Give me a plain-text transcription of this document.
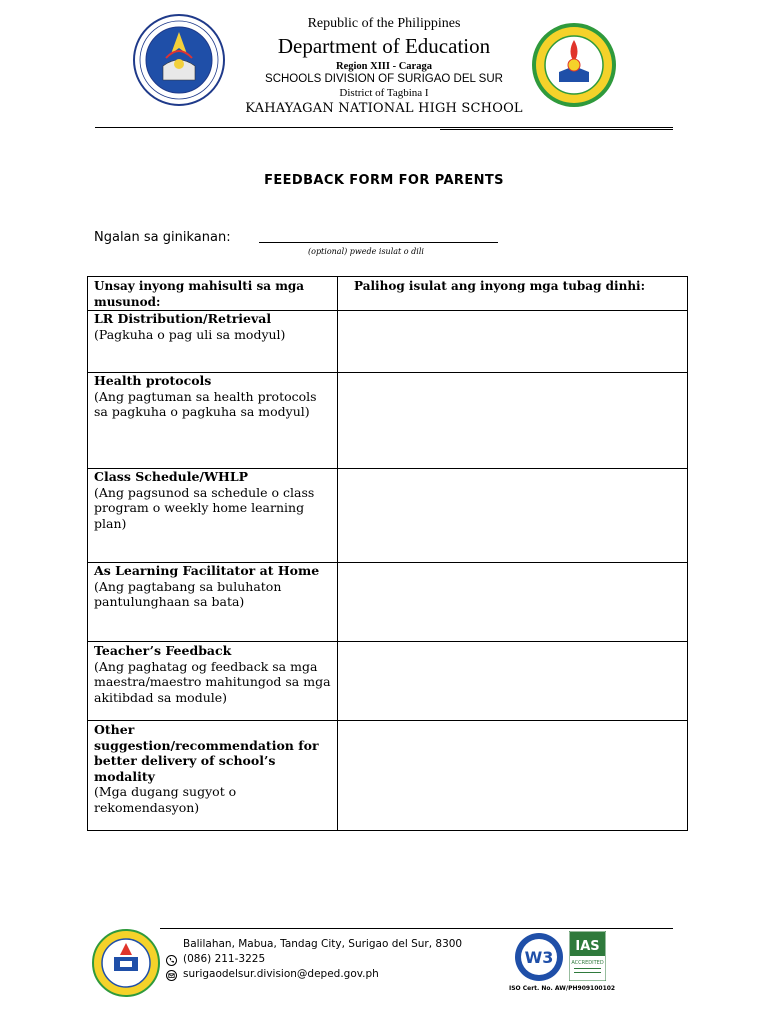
Republic of the Philippines
Department of Education
Region XIII - Caraga
SCHOOLS DIVISION OF SURIGAO DEL SUR
District of Tagbina I
KAHAYAGAN NATIONAL HIGH SCHOOL
FEEDBACK FORM FOR PARENTS
Ngalan sa ginikanan:
(optional) pwede isulat o dili
Unsay inyong mahisulti sa mga musunod:	Palihog isulat ang inyong mga tubag dinhi:

LR Distribution/Retrieval
(Pagkuha o pag uli sa modyul)	

Health protocols
(Ang pagtuman sa health protocols sa pagkuha o pagkuha sa modyul)	

Class Schedule/WHLP
(Ang pagsunod sa schedule o class program o weekly home learning plan)	

As Learning Facilitator at Home
(Ang pagtabang sa buluhaton pantulunghaan sa bata)	

Teacher’s Feedback
(Ang paghatag og feedback sa mga maestra/maestro mahitungod sa mga akitibdad sa module)	

Other suggestion/recommendation for better delivery of school’s modality
(Mga dugang sugyot o rekomendasyon)	

Balilahan, Mabua, Tandag City, Surigao del Sur, 8300
(086) 211-3225
surigaodelsur.division@deped.gov.ph
W3
IAS
ACCREDITED
ISO Cert. No. AW/PH909100102
